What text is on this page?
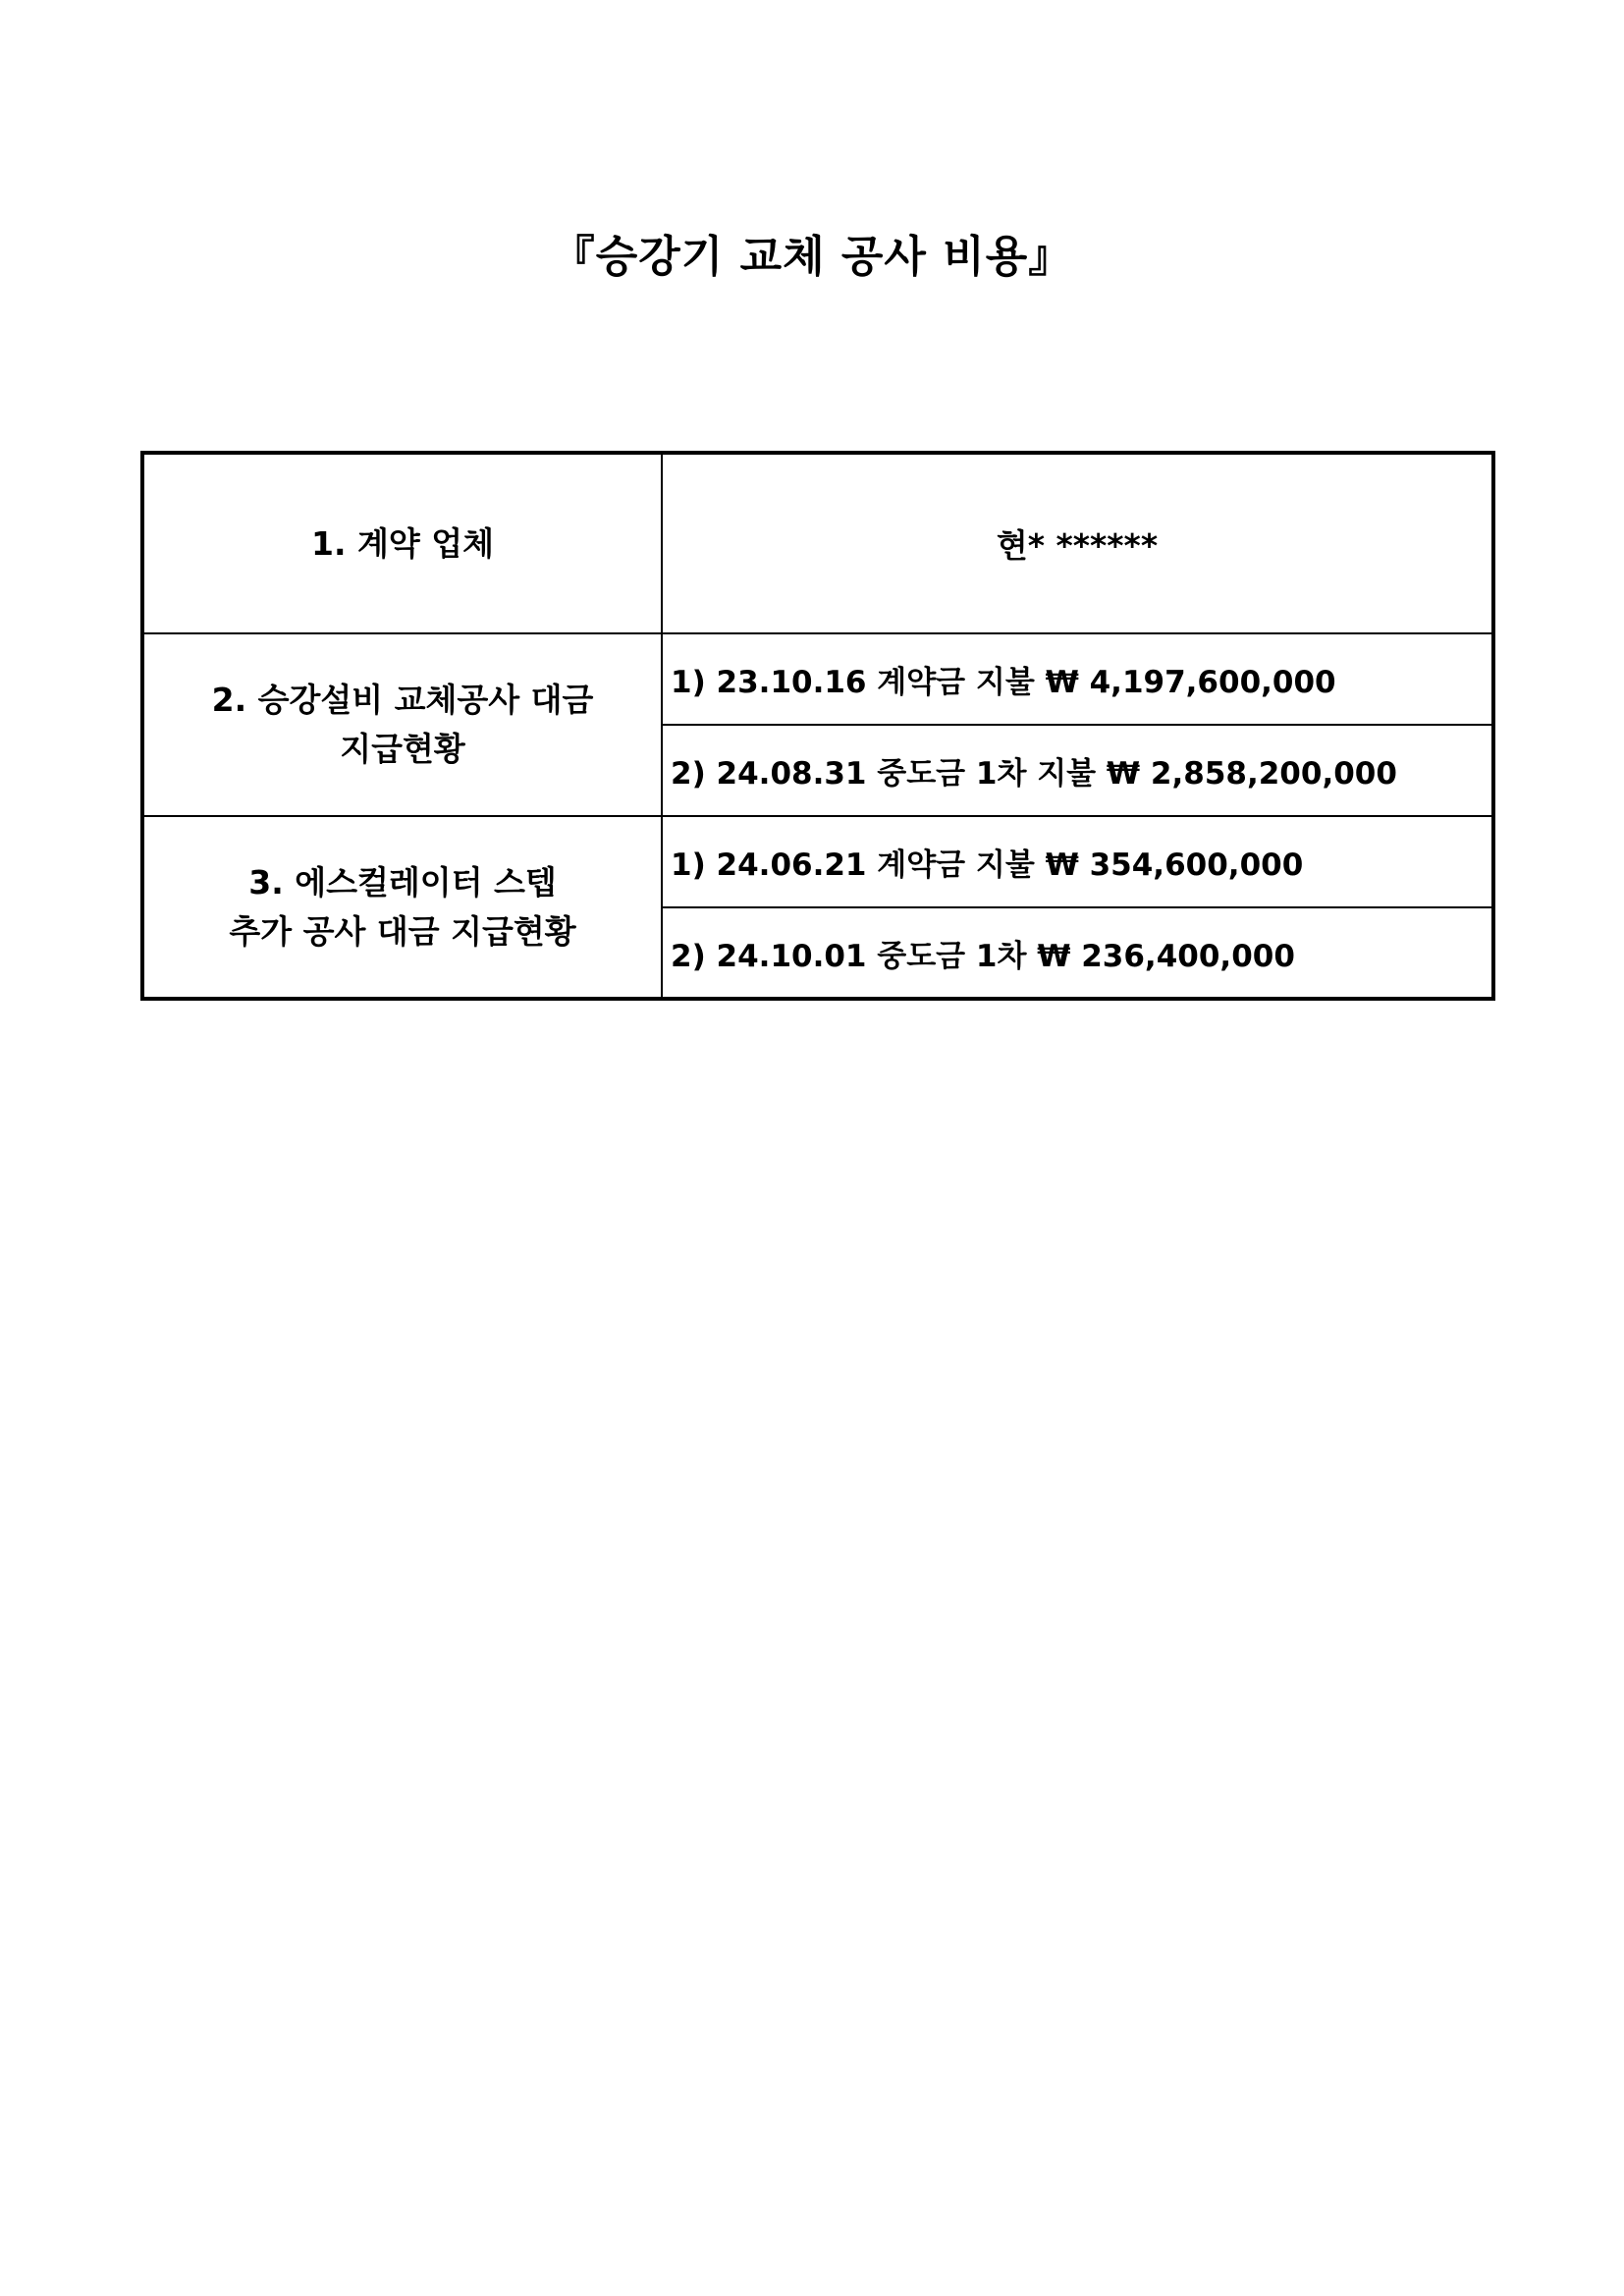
『승강기 교체 공사 비용』
1. 계약 업체	현* ******

2. 승강설비 교체공사 대금
지급현황	1) 23.10.16 계약금 지불 ₩ 4,197,600,000
	2) 24.08.31 중도금 1차 지불 ₩ 2,858,200,000

3. 에스컬레이터 스텝
추가 공사 대금 지급현황	1) 24.06.21 계약금 지불 ₩ 354,600,000
	2) 24.10.01 중도금 1차 ₩ 236,400,000
